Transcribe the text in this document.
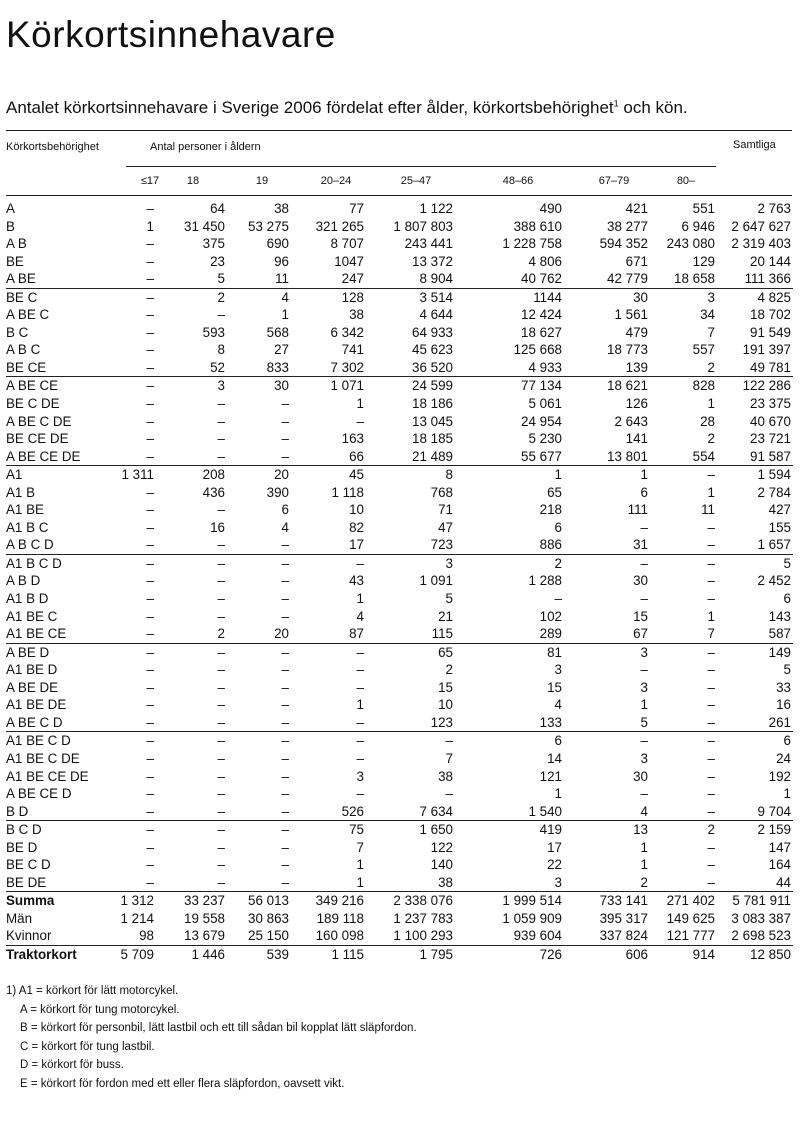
Körkortsinnehavare

Antalet körkortsinnehavare i Sverige 2006 fördelat efter ålder, körkortsbehörighet$^1$ och kön.

Körkortsbehörighet	Antal personer i åldern	Samtliga
≤17	18	19	20–24	25–47	48–66	67–79	80–
A	–	64	38	77	1 122	490	421	551	2 763
B	1	31 450	53 275	321 265	1 807 803	388 610	38 277	6 946	2 647 627
A B	–	375	690	8 707	243 441	1 228 758	594 352	243 080	2 319 403
BE	–	23	96	1047	13 372	4 806	671	129	20 144
A BE	–	5	11	247	8 904	40 762	42 779	18 658	111 366
BE C	–	2	4	128	3 514	1144	30	3	4 825
A BE C	–	–	1	38	4 644	12 424	1 561	34	18 702
B C	–	593	568	6 342	64 933	18 627	479	7	91 549
A B C	–	8	27	741	45 623	125 668	18 773	557	191 397
BE CE	–	52	833	7 302	36 520	4 933	139	2	49 781
A BE CE	–	3	30	1 071	24 599	77 134	18 621	828	122 286
BE C DE	–	–	–	1	18 186	5 061	126	1	23 375
A BE C DE	–	–	–	–	13 045	24 954	2 643	28	40 670
BE CE DE	–	–	–	163	18 185	5 230	141	2	23 721
A BE CE DE	–	–	–	66	21 489	55 677	13 801	554	91 587
A1	1 311	208	20	45	8	1	1	–	1 594
A1 B	–	436	390	1 118	768	65	6	1	2 784
A1 BE	–	–	6	10	71	218	111	11	427
A1 B C	–	16	4	82	47	6	–	–	155
A B C D	–	–	–	17	723	886	31	–	1 657
A1 B C D	–	–	–	–	3	2	–	–	5
A B D	–	–	–	43	1 091	1 288	30	–	2 452
A1 B D	–	–	–	1	5	–	–	–	6
A1 BE C	–	–	–	4	21	102	15	1	143
A1 BE CE	–	2	20	87	115	289	67	7	587
A BE D	–	–	–	–	65	81	3	–	149
A1 BE D	–	–	–	–	2	3	–	–	5
A BE DE	–	–	–	–	15	15	3	–	33
A1 BE DE	–	–	–	1	10	4	1	–	16
A BE C D	–	–	–	–	123	133	5	–	261
A1 BE C D	–	–	–	–	–	6	–	–	6
A1 BE C DE	–	–	–	–	7	14	3	–	24
A1 BE CE DE	–	–	–	3	38	121	30	–	192
A BE CE D	–	–	–	–	–	1	–	–	1
B D	–	–	–	526	7 634	1 540	4	–	9 704
B C D	–	–	–	75	1 650	419	13	2	2 159
BE D	–	–	–	7	122	17	1	–	147
BE C D	–	–	–	1	140	22	1	–	164
BE DE	–	–	–	1	38	3	2	–	44
Summa	1 312	33 237	56 013	349 216	2 338 076	1 999 514	733 141	271 402	5 781 911
Män	1 214	19 558	30 863	189 118	1 237 783	1 059 909	395 317	149 625	3 083 387
Kvinnor	98	13 679	25 150	160 098	1 100 293	939 604	337 824	121 777	2 698 523
Traktorkort	5 709	1 446	539	1 115	1 795	726	606	914	12 850
1) A1 = körkort för lätt motorcykel.
A = körkort för tung motorcykel.
B = körkort för personbil, lätt lastbil och ett till sådan bil kopplat lätt släpfordon.
C = körkort för tung lastbil.
D = körkort för buss.
E = körkort för fordon med ett eller flera släpfordon, oavsett vikt.
